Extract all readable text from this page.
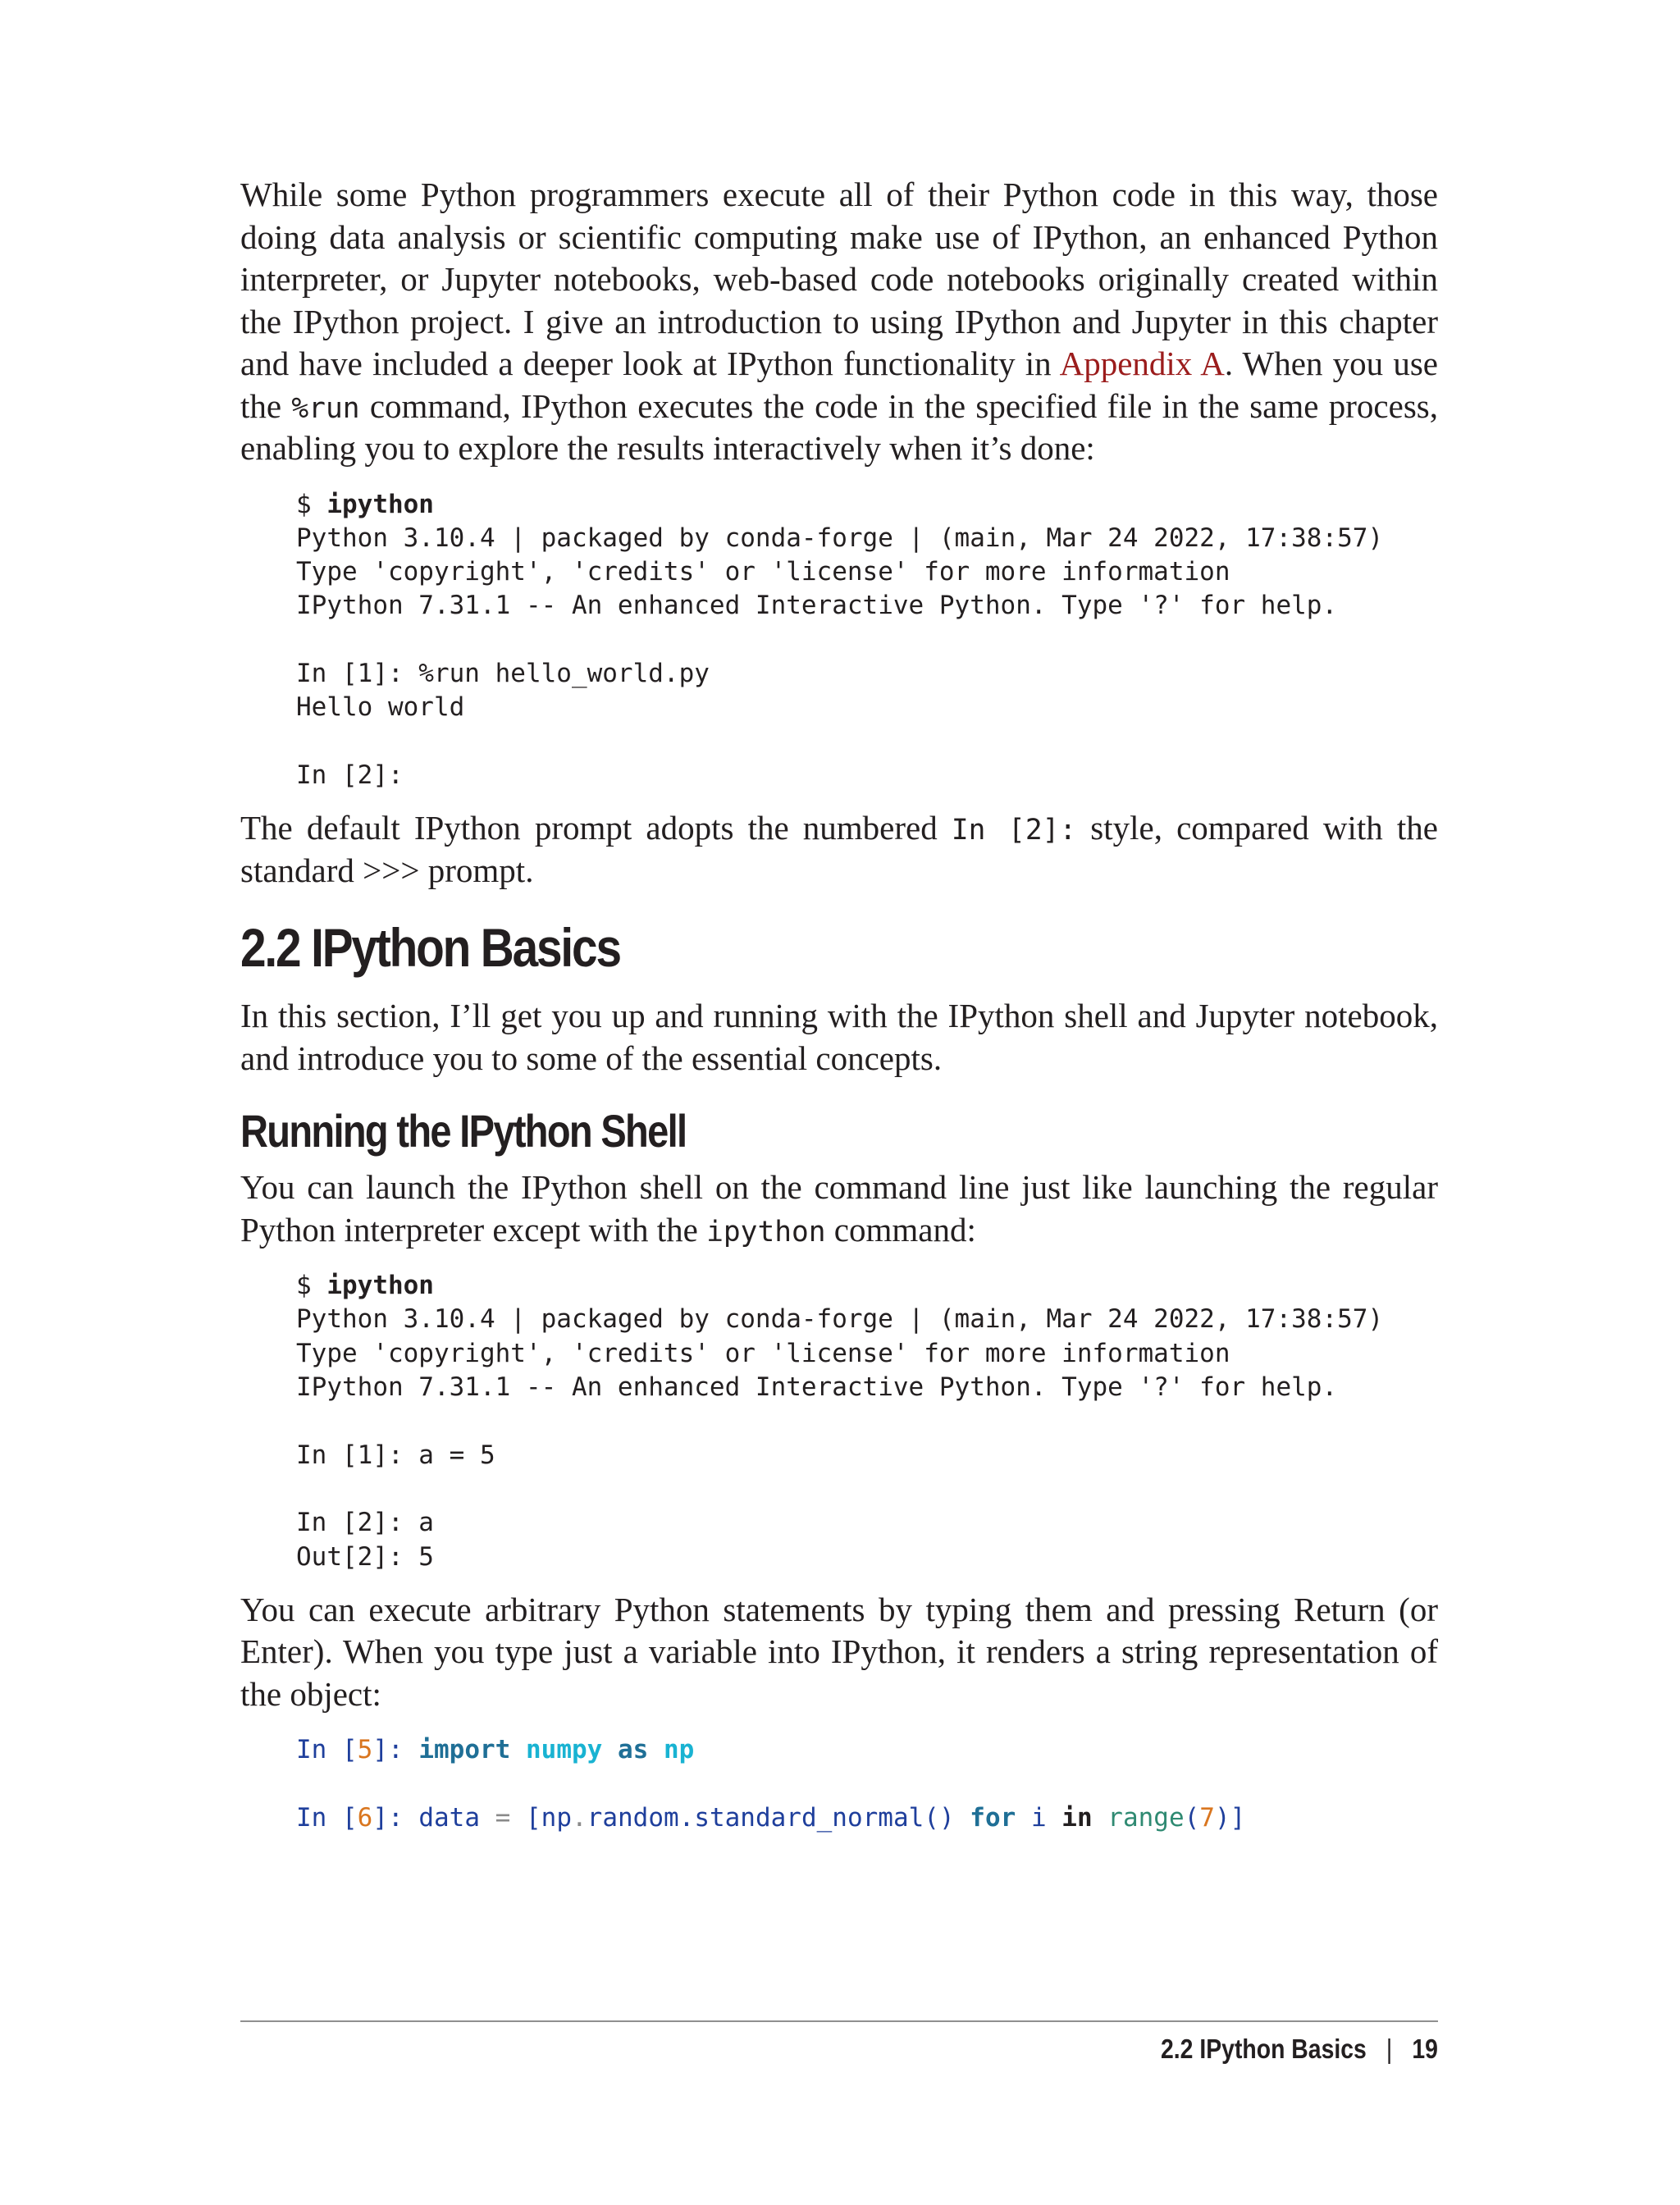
While some Python programmers execute all of their Python code in this way, those doing data analysis or scientific computing make use of IPython, an enhanced Python interpreter, or Jupyter notebooks, web-based code notebooks originally created within the IPython project. I give an introduction to using IPython and Jupyter in this chapter and have included a deeper look at IPython functionality in Appendix A. When you use the %run command, IPython executes the code in the specified file in the same process, enabling you to explore the results interactively when it’s done:

$ ipython
Python 3.10.4 | packaged by conda-forge | (main, Mar 24 2022, 17:38:57)
Type 'copyright', 'credits' or 'license' for more information
IPython 7.31.1 -- An enhanced Interactive Python. Type '?' for help.

In [1]: %run hello_world.py
Hello world

In [2]:

The default IPython prompt adopts the numbered In [2]: style, compared with the standard >>> prompt.

2.2 IPython Basics

In this section, I’ll get you up and running with the IPython shell and Jupyter notebook, and introduce you to some of the essential concepts.

Running the IPython Shell

You can launch the IPython shell on the command line just like launching the regular Python interpreter except with the ipython command:

$ ipython
Python 3.10.4 | packaged by conda-forge | (main, Mar 24 2022, 17:38:57)
Type 'copyright', 'credits' or 'license' for more information
IPython 7.31.1 -- An enhanced Interactive Python. Type '?' for help.

In [1]: a = 5

In [2]: a
Out[2]: 5

You can execute arbitrary Python statements by typing them and pressing Return (or Enter). When you type just a variable into IPython, it renders a string representation of the object:

In [5]: import numpy as np

In [6]: data = [np.random.standard_normal() for i in range(7)]
2.2 IPython Basics | 19
